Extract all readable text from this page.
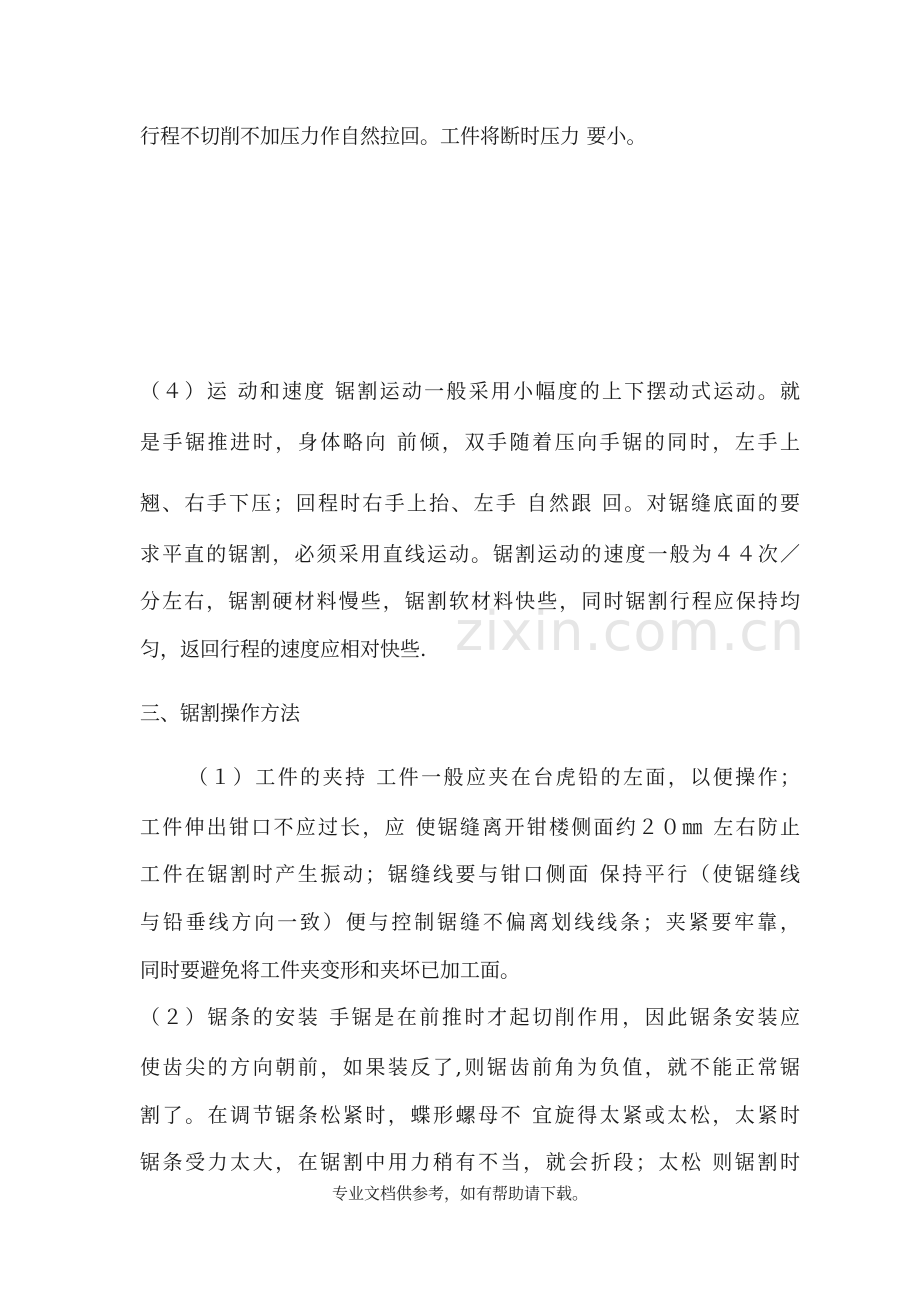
zixin.com.cn
行程不切削不加压力作自然拉回。工件将断时压力 要小。
（４）运 动和速度 锯割运动一般采用小幅度的上下摆动式运动。就
是手锯推进时，身体略向 前倾，双手随着压向手锯的同时，左手上
翘、右手下压；回程时右手上抬、左手 自然跟 回。对锯缝底面的要
求平直的锯割，必须采用直线运动。锯割运动的速度一般为４４次／
分左右，锯割硬材料慢些，锯割软材料快些，同时锯割行程应保持均
匀，返回行程的速度应相对快些.
三、锯割操作方法
（１）工件的夹持 工件一般应夹在台虎铅的左面，以便操作；
工件伸出钳口不应过长，应 使锯缝离开钳楼侧面约２０㎜ 左右防止
工件在锯割时产生振动；锯缝线要与钳口侧面 保持平行（使锯缝线
与铅垂线方向一致）便与控制锯缝不偏离划线线条；夹紧要牢靠，
同时要避免将工件夹变形和夹坏已加工面。
（２）锯条的安装 手锯是在前推时才起切削作用，因此锯条安装应
使齿尖的方向朝前，如果装反了,则锯齿前角为负值，就不能正常锯
割了。在调节锯条松紧时，蝶形螺母不 宜旋得太紧或太松，太紧时
锯条受力太大，在锯割中用力稍有不当，就会折段；太松 则锯割时
专业文档供参考，如有帮助请下载。
